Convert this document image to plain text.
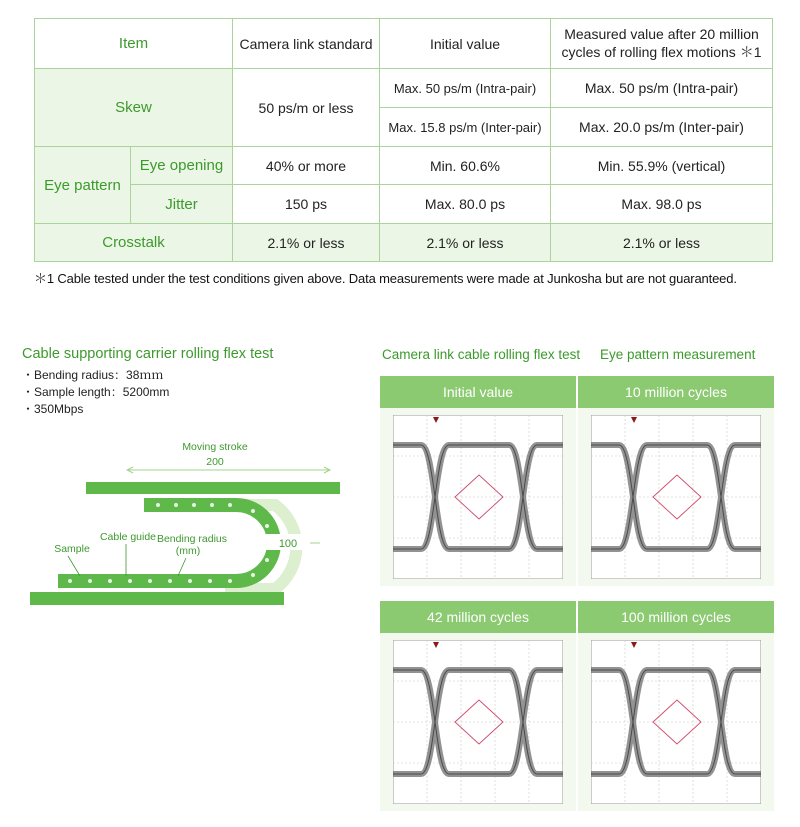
Item		Camera link standard	Initial value	Measured value after 20 million
cycles of rolling flex motions ＊1

Skew		50 ps/m or less	Max. 50 ps/m (Intra-pair)	Max. 50 ps/m (Intra-pair)
			Max. 15.8 ps/m (Inter-pair)	Max. 20.0 ps/m (Inter-pair)
Eye pattern	Eye opening	40% or more	Min. 60.6%	Min. 55.9% (vertical)
	Jitter	150 ps	Max. 80.0 ps	Max. 98.0 ps
Crosstalk		2.1% or less	2.1% or less	2.1% or less
＊1 Cable tested under the test conditions given above. Data measurements were made at Junkosha but are not guaranteed.
Cable supporting carrier rolling flex test
・Bending radius：38ｍｍ
・Sample length：5200mm
・350Mbps
Moving stroke
200
100
Bending radius
(mm)
Cable guide
Sample
Camera link cable rolling flex test Eye pattern measurement
Initial value	10 million cycles
42 million cycles	100 million cycles
